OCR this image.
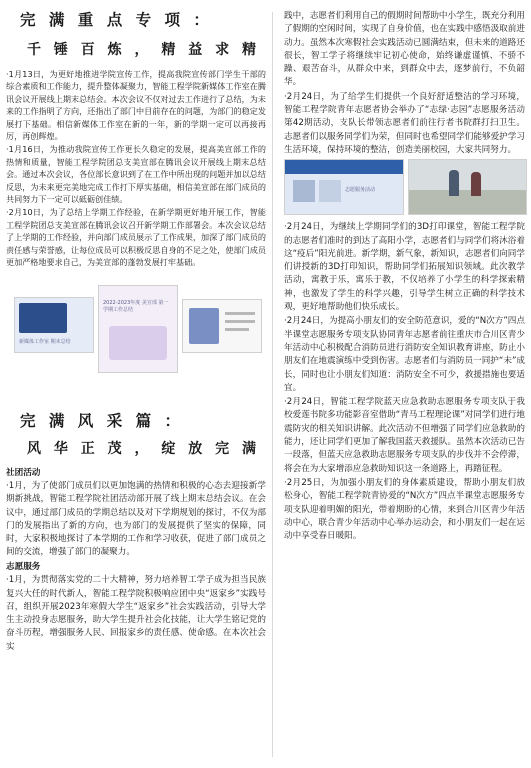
完 满 重 点 专 项 ：
千 锤 百 炼 ， 精 益 求 精

·1月13日，为更好地推进学院宣传工作，提高我院宣传部门学生干部的综合素质和工作能力，提升整体凝聚力，智能工程学院新媒体工作室在腾讯会议开展线上期末总结会。本次会议不仅对过去工作进行了总结，为未来的工作指明了方向，还指出了部门中目前存在的问题，为部门的稳定发展打下基础。相信新媒体工作室在新的一年，新的学期一定可以再接再厉，再创辉煌。

·1月16日，为推动我院宣传工作更长久稳定的发展，提高美宣部工作的热情和质量，智能工程学院团总支美宣部在腾讯会议开展线上期末总结会。通过本次会议，各位部长意识到了在工作中所出现的问题并加以总结反思，为未来更完美地完成工作打下厚实基础，相信美宣部在部门成员的共同努力下一定可以砥砺创佳绩。

·2月10日，为了总结上学期工作经验，在新学期更好地开展工作，智能工程学院团总支美宣部在腾讯会议召开新学期工作部署会。本次会议总结了上学期的工作经验，并向部门成员展示了工作成果，加深了部门成员的责任感与荣誉感，让每位成员可以积极反思自身的不足之处，使部门成员更加严格地要求自己，为美宣部的蓬勃发展打牢基础。

新媒体工作室 期末总结
2022-2023年度 美宣部 第一学期工作总结
完 满 风 采 篇 ：
风 华 正 茂 ， 绽 放 完 满
社团活动

·1月，为了使部门成员们以更加饱满的热情和积极的心态去迎接新学期新挑战，智能工程学院社团活动部开展了线上期末总结会议。在会议中，通过部门成员的学期总结以及对下学期规划的探讨，不仅为部门的发展指出了新的方向，也为部门的发展提供了坚实的保障，同时，大家积极地探讨了本学期的工作和学习收获，促进了部门成员之间的交流，增强了部门的凝聚力。

志愿服务

·1月，为贯彻落实党的二十大精神，努力培养智工学子成为担当民族复兴大任的时代新人，智能工程学院积极响应团中央“返家乡”实践号召，组织开展2023年寒假大学生“返家乡”社会实践活动，引导大学生主动投身志愿服务，助大学生提升社会化技能，让大学生铭记党的奋斗历程，增强服务人民、回报家乡的责任感、使命感。在本次社会实

践中，志愿者们利用自己的假期时间帮助中小学生，既充分利用了假期的空闲时间，实现了自身价值，也在实践中感悟汲取前进动力。虽然本次寒假社会实践活动已圆满结束，但未来的道路还很长，智工学子将继续牢记初心使命，始终谦虚谨慎、不骄不躁、艰苦奋斗，从群众中来，到群众中去，逐梦前行，不负韶华。

·2月24日，为了给学生们提供一个良好舒适整洁的学习环境，智能工程学院青年志愿者协会举办了“志绿·志园”志愿服务活动第42期活动，支队长带领志愿者们前往行者书院群打扫卫生。志愿者们以服务同学们为荣，但同时也希望同学们能够爱护学习生活环境，保持环境的整洁，创造美丽校园，大家共同努力。

志愿服务活动

·2月24日，为继续上学期同学们的3D打印课堂，智能工程学院的志愿者们准时的到达了高阳小学，志愿者们与同学们将沐浴着这“疫后”阳光前进。新学期，新气象，新知识，志愿者们向同学们讲授新的3D打印知识，帮助同学们拓展知识领域。此次教学活动，寓教于乐，寓乐于教，不仅培养了小学生的科学探索精神，也激发了学生的科学兴趣，引导学生树立正确的科学技术观，更好地帮助他们快乐成长。

·2月24日，为提高小朋友们的安全防范意识，爱的“N次方”四点半课堂志愿服务专项支队协同青年志愿者前往重庆市合川区青少年活动中心积极配合消防员进行消防安全知识教育讲座，防止小朋友们在地震演练中受到伤害。志愿者们与消防员一同护“未”成长，同时也让小朋友们知道：消防安全不可少，救援措施也要适宜。

·2月24日，智能工程学院蓝天应急救助志愿服务专项支队于我校爱莲书院多功能影音室借助“青马工程理论课”对同学们进行地震防灾的相关知识讲解。此次活动不但增强了同学们应急救助的能力，还让同学们更加了解我国蓝天救援队。虽然本次活动已告一段落，但蓝天应急救助志愿服务专项支队的步伐并不会停滞，将会在为大家增添应急救助知识这一条道路上，再踏征程。

·2月25日，为加强小朋友们的身体素质建设，帮助小朋友们放松身心，智能工程学院青协爱的“N次方”四点半课堂志愿服务专项支队迎着明媚的阳光，带着期盼的心情，来到合川区青少年活动中心，联合青少年活动中心举办运动会，和小朋友们一起在运动中享受春日暖阳。
